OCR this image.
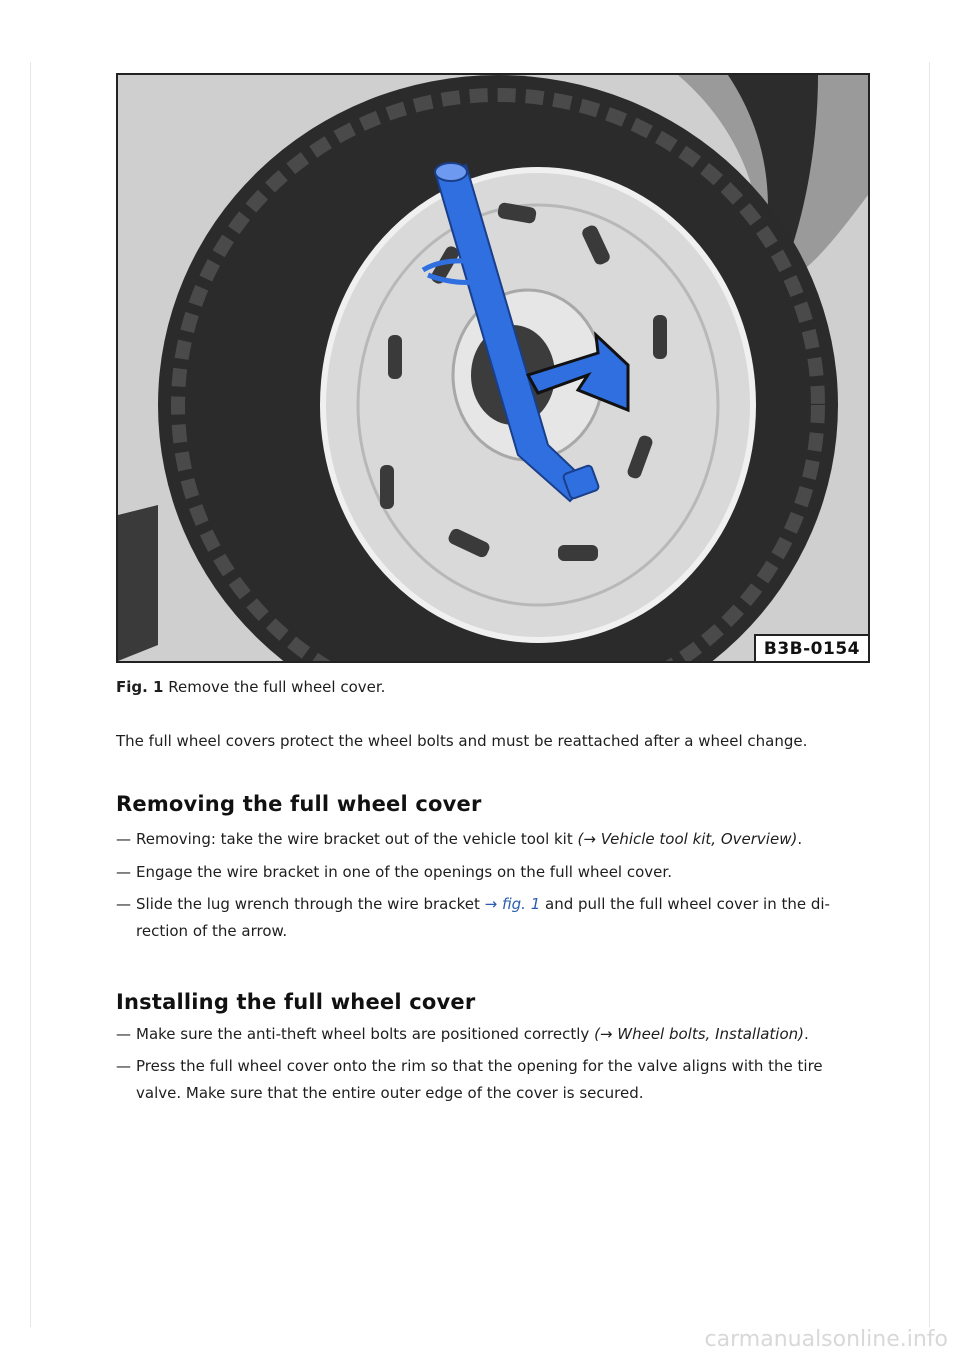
B3B-0154
Fig. 1 Remove the full wheel cover.
The full wheel covers protect the wheel bolts and must be reattached after a wheel change.
Removing the full wheel cover
— Removing: take the wire bracket out of the vehicle tool kit (→ Vehicle tool kit, Overview).
— Engage the wire bracket in one of the openings on the full wheel cover.
— Slide the lug wrench through the wire bracket → fig. 1 and pull the full wheel cover in the di-
rection of the arrow.
Installing the full wheel cover
— Make sure the anti-theft wheel bolts are positioned correctly (→ Wheel bolts, Installation).
— Press the full wheel cover onto the rim so that the opening for the valve aligns with the tire
valve. Make sure that the entire outer edge of the cover is secured.
carmanualsonline.info
